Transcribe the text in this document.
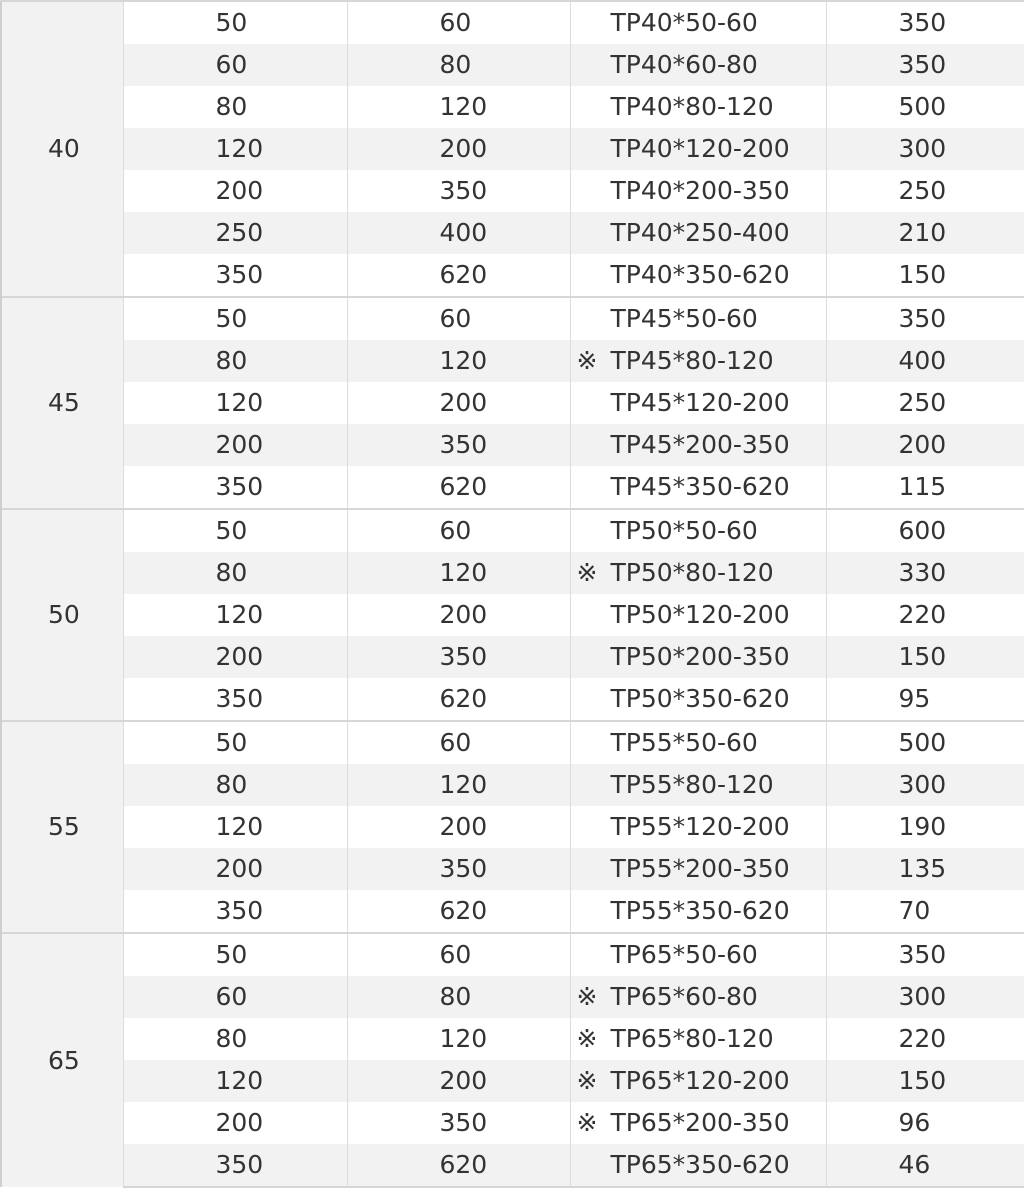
40	50	60	TP40*50-60	350
	60	80	TP40*60-80	350
	80	120	TP40*80-120	500
	120	200	TP40*120-200	300
	200	350	TP40*200-350	250
	250	400	TP40*250-400	210
	350	620	TP40*350-620	150
45	50	60	TP45*50-60	350
	80	120	※ TP45*80-120	400
	120	200	TP45*120-200	250
	200	350	TP45*200-350	200
	350	620	TP45*350-620	115
50	50	60	TP50*50-60	600
	80	120	※ TP50*80-120	330
	120	200	TP50*120-200	220
	200	350	TP50*200-350	150
	350	620	TP50*350-620	95
55	50	60	TP55*50-60	500
	80	120	TP55*80-120	300
	120	200	TP55*120-200	190
	200	350	TP55*200-350	135
	350	620	TP55*350-620	70
65	50	60	TP65*50-60	350
	60	80	※ TP65*60-80	300
	80	120	※ TP65*80-120	220
	120	200	※ TP65*120-200	150
	200	350	※ TP65*200-350	96
	350	620	TP65*350-620	46
